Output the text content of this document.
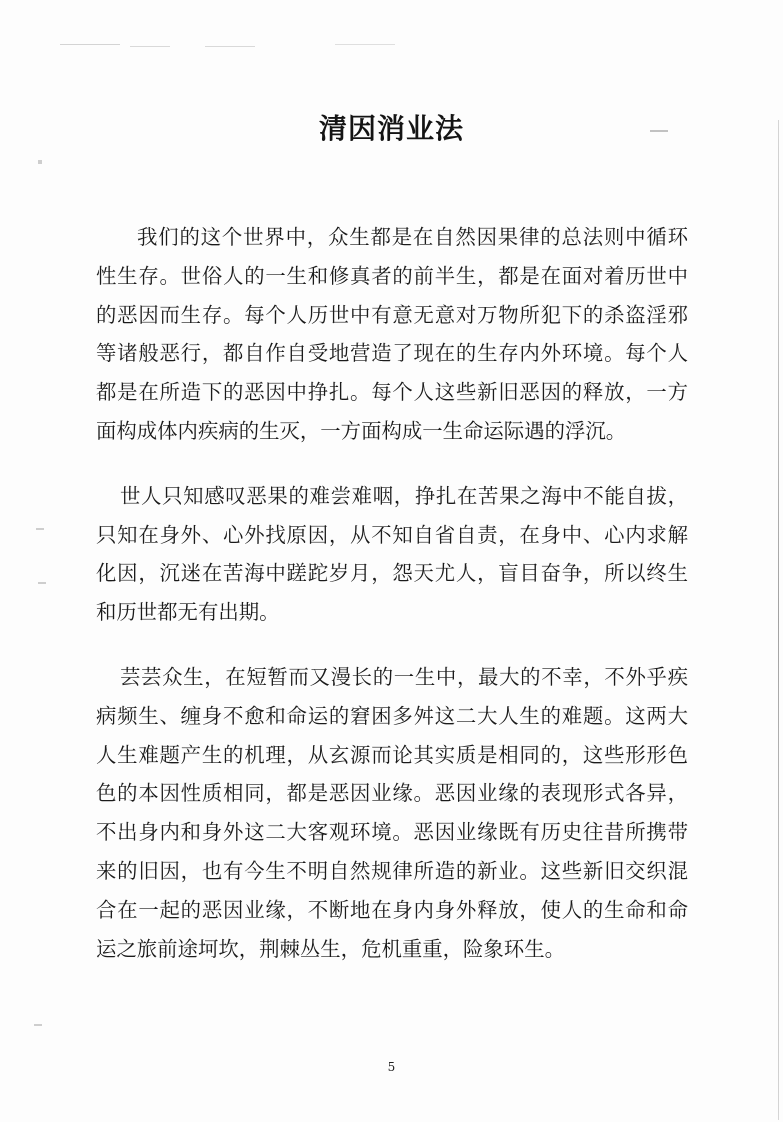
清因消业法

我们的这个世界中，众生都是在自然因果律的总法则中循环
性生存。世俗人的一生和修真者的前半生，都是在面对着历世中
的恶因而生存。每个人历世中有意无意对万物所犯下的杀盗淫邪
等诸般恶行，都自作自受地营造了现在的生存内外环境。每个人
都是在所造下的恶因中挣扎。每个人这些新旧恶因的释放，一方
面构成体内疾病的生灭，一方面构成一生命运际遇的浮沉。

世人只知感叹恶果的难尝难咽，挣扎在苦果之海中不能自拔，
只知在身外、心外找原因，从不知自省自责，在身中、心内求解
化因，沉迷在苦海中蹉跎岁月，怨天尤人，盲目奋争，所以终生
和历世都无有出期。

芸芸众生，在短暂而又漫长的一生中，最大的不幸，不外乎疾
病频生、缠身不愈和命运的窘困多舛这二大人生的难题。这两大
人生难题产生的机理，从玄源而论其实质是相同的，这些形形色
色的本因性质相同，都是恶因业缘。恶因业缘的表现形式各异，
不出身内和身外这二大客观环境。恶因业缘既有历史往昔所携带
来的旧因，也有今生不明自然规律所造的新业。这些新旧交织混
合在一起的恶因业缘，不断地在身内身外释放，使人的生命和命
运之旅前途坷坎，荆棘丛生，危机重重，险象环生。

5
